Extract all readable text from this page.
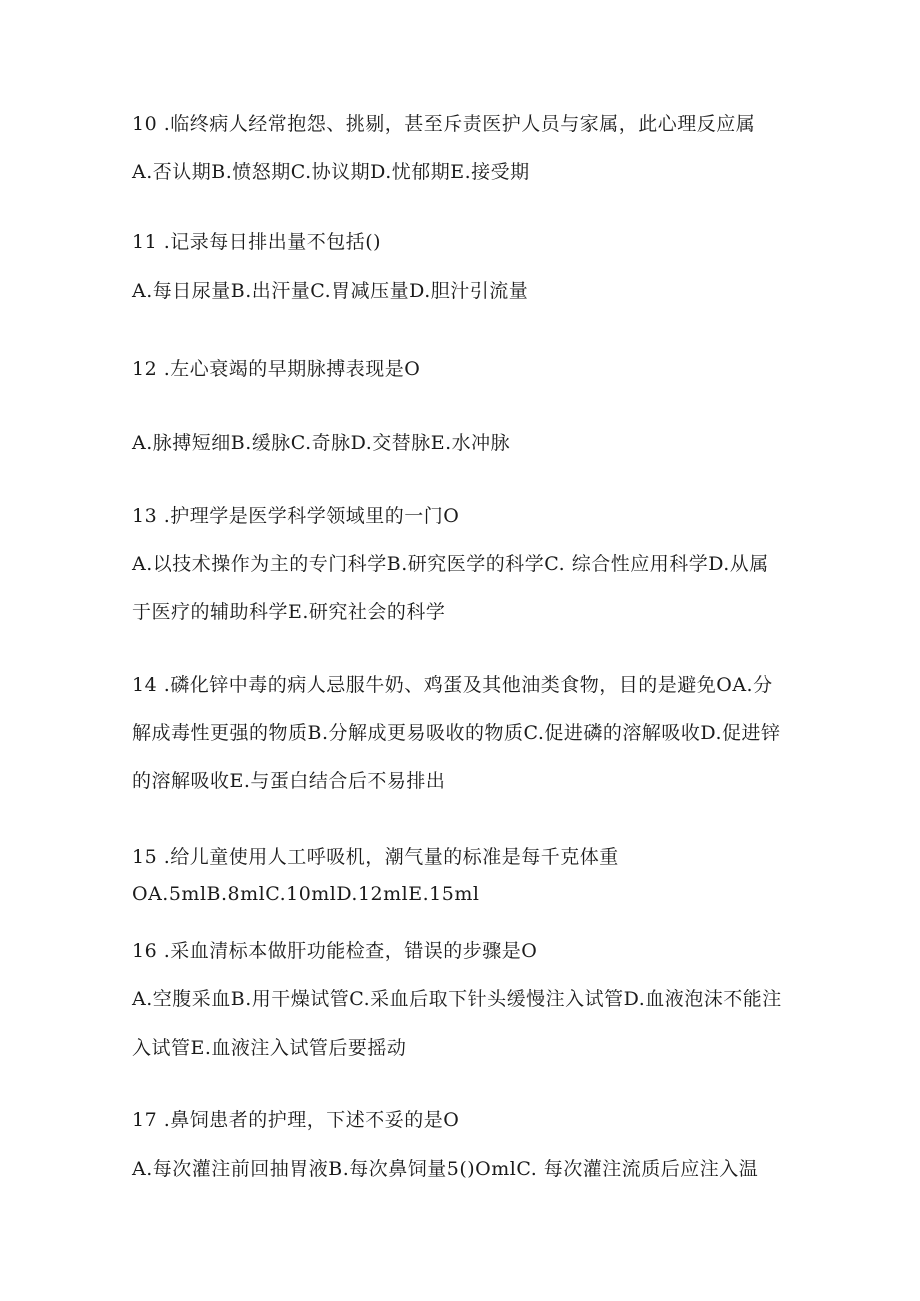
10 .临终病人经常抱怨、挑剔，甚至斥责医护人员与家属，此心理反应属
A.否认期B.愤怒期C.协议期D.忧郁期E.接受期
11 .记录每日排出量不包括()
A.每日尿量B.出汗量C.胃减压量D.胆汁引流量
12 .左心衰竭的早期脉搏表现是O
A.脉搏短细B.缓脉C.奇脉D.交替脉E.水冲脉
13 .护理学是医学科学领域里的一门O
A.以技术操作为主的专门科学B.研究医学的科学C. 综合性应用科学D.从属
于医疗的辅助科学E.研究社会的科学
14 .磷化锌中毒的病人忌服牛奶、鸡蛋及其他油类食物，目的是避免OA.分
解成毒性更强的物质B.分解成更易吸收的物质C.促进磷的溶解吸收D.促进锌
的溶解吸收E.与蛋白结合后不易排出
15 .给儿童使用人工呼吸机，潮气量的标准是每千克体重
OA.5mlB.8mlC.10mlD.12mlE.15ml
16 .采血清标本做肝功能检查，错误的步骤是O
A.空腹采血B.用干燥试管C.采血后取下针头缓慢注入试管D.血液泡沫不能注
入试管E.血液注入试管后要摇动
17 .鼻饲患者的护理，下述不妥的是O
A.每次灌注前回抽胃液B.每次鼻饲量5()OmlC. 每次灌注流质后应注入温
